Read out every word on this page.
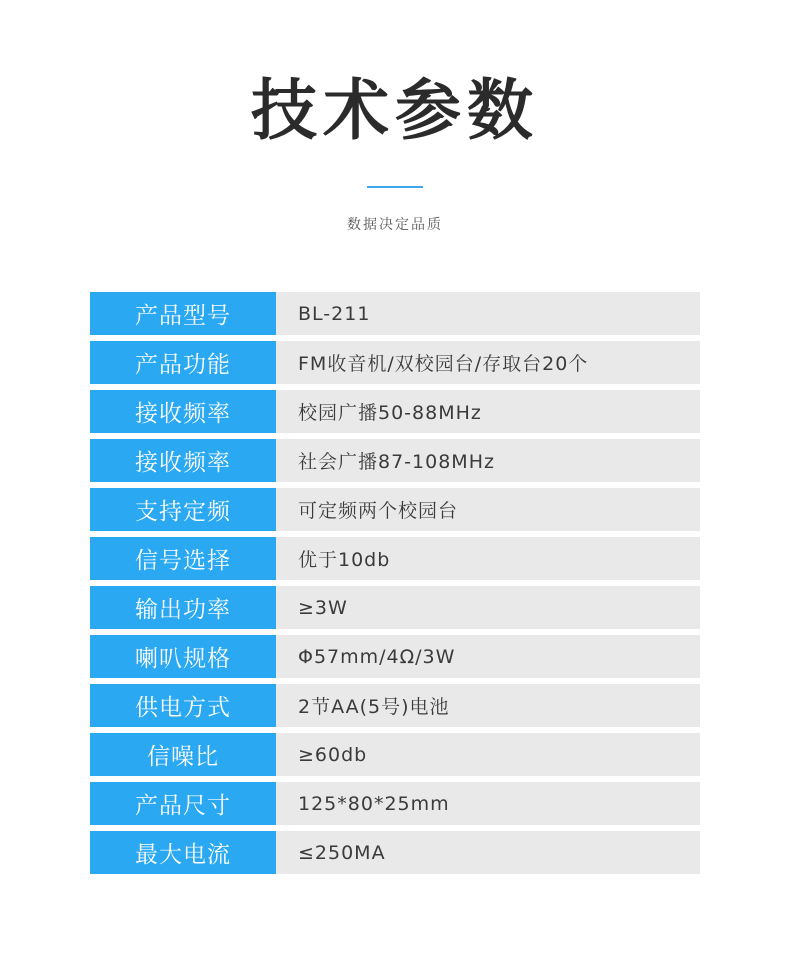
技术参数
数据决定品质
产品型号	BL-211
产品功能	FM收音机/双校园台/存取台20个
接收频率	校园广播50-88MHz
接收频率	社会广播87-108MHz
支持定频	可定频两个校园台
信号选择	优于10db
输出功率	≥3W
喇叭规格	Φ57mm/4Ω/3W
供电方式	2节AA(5号)电池
信噪比	≥60db
产品尺寸	125*80*25mm
最大电流	≤250MA
